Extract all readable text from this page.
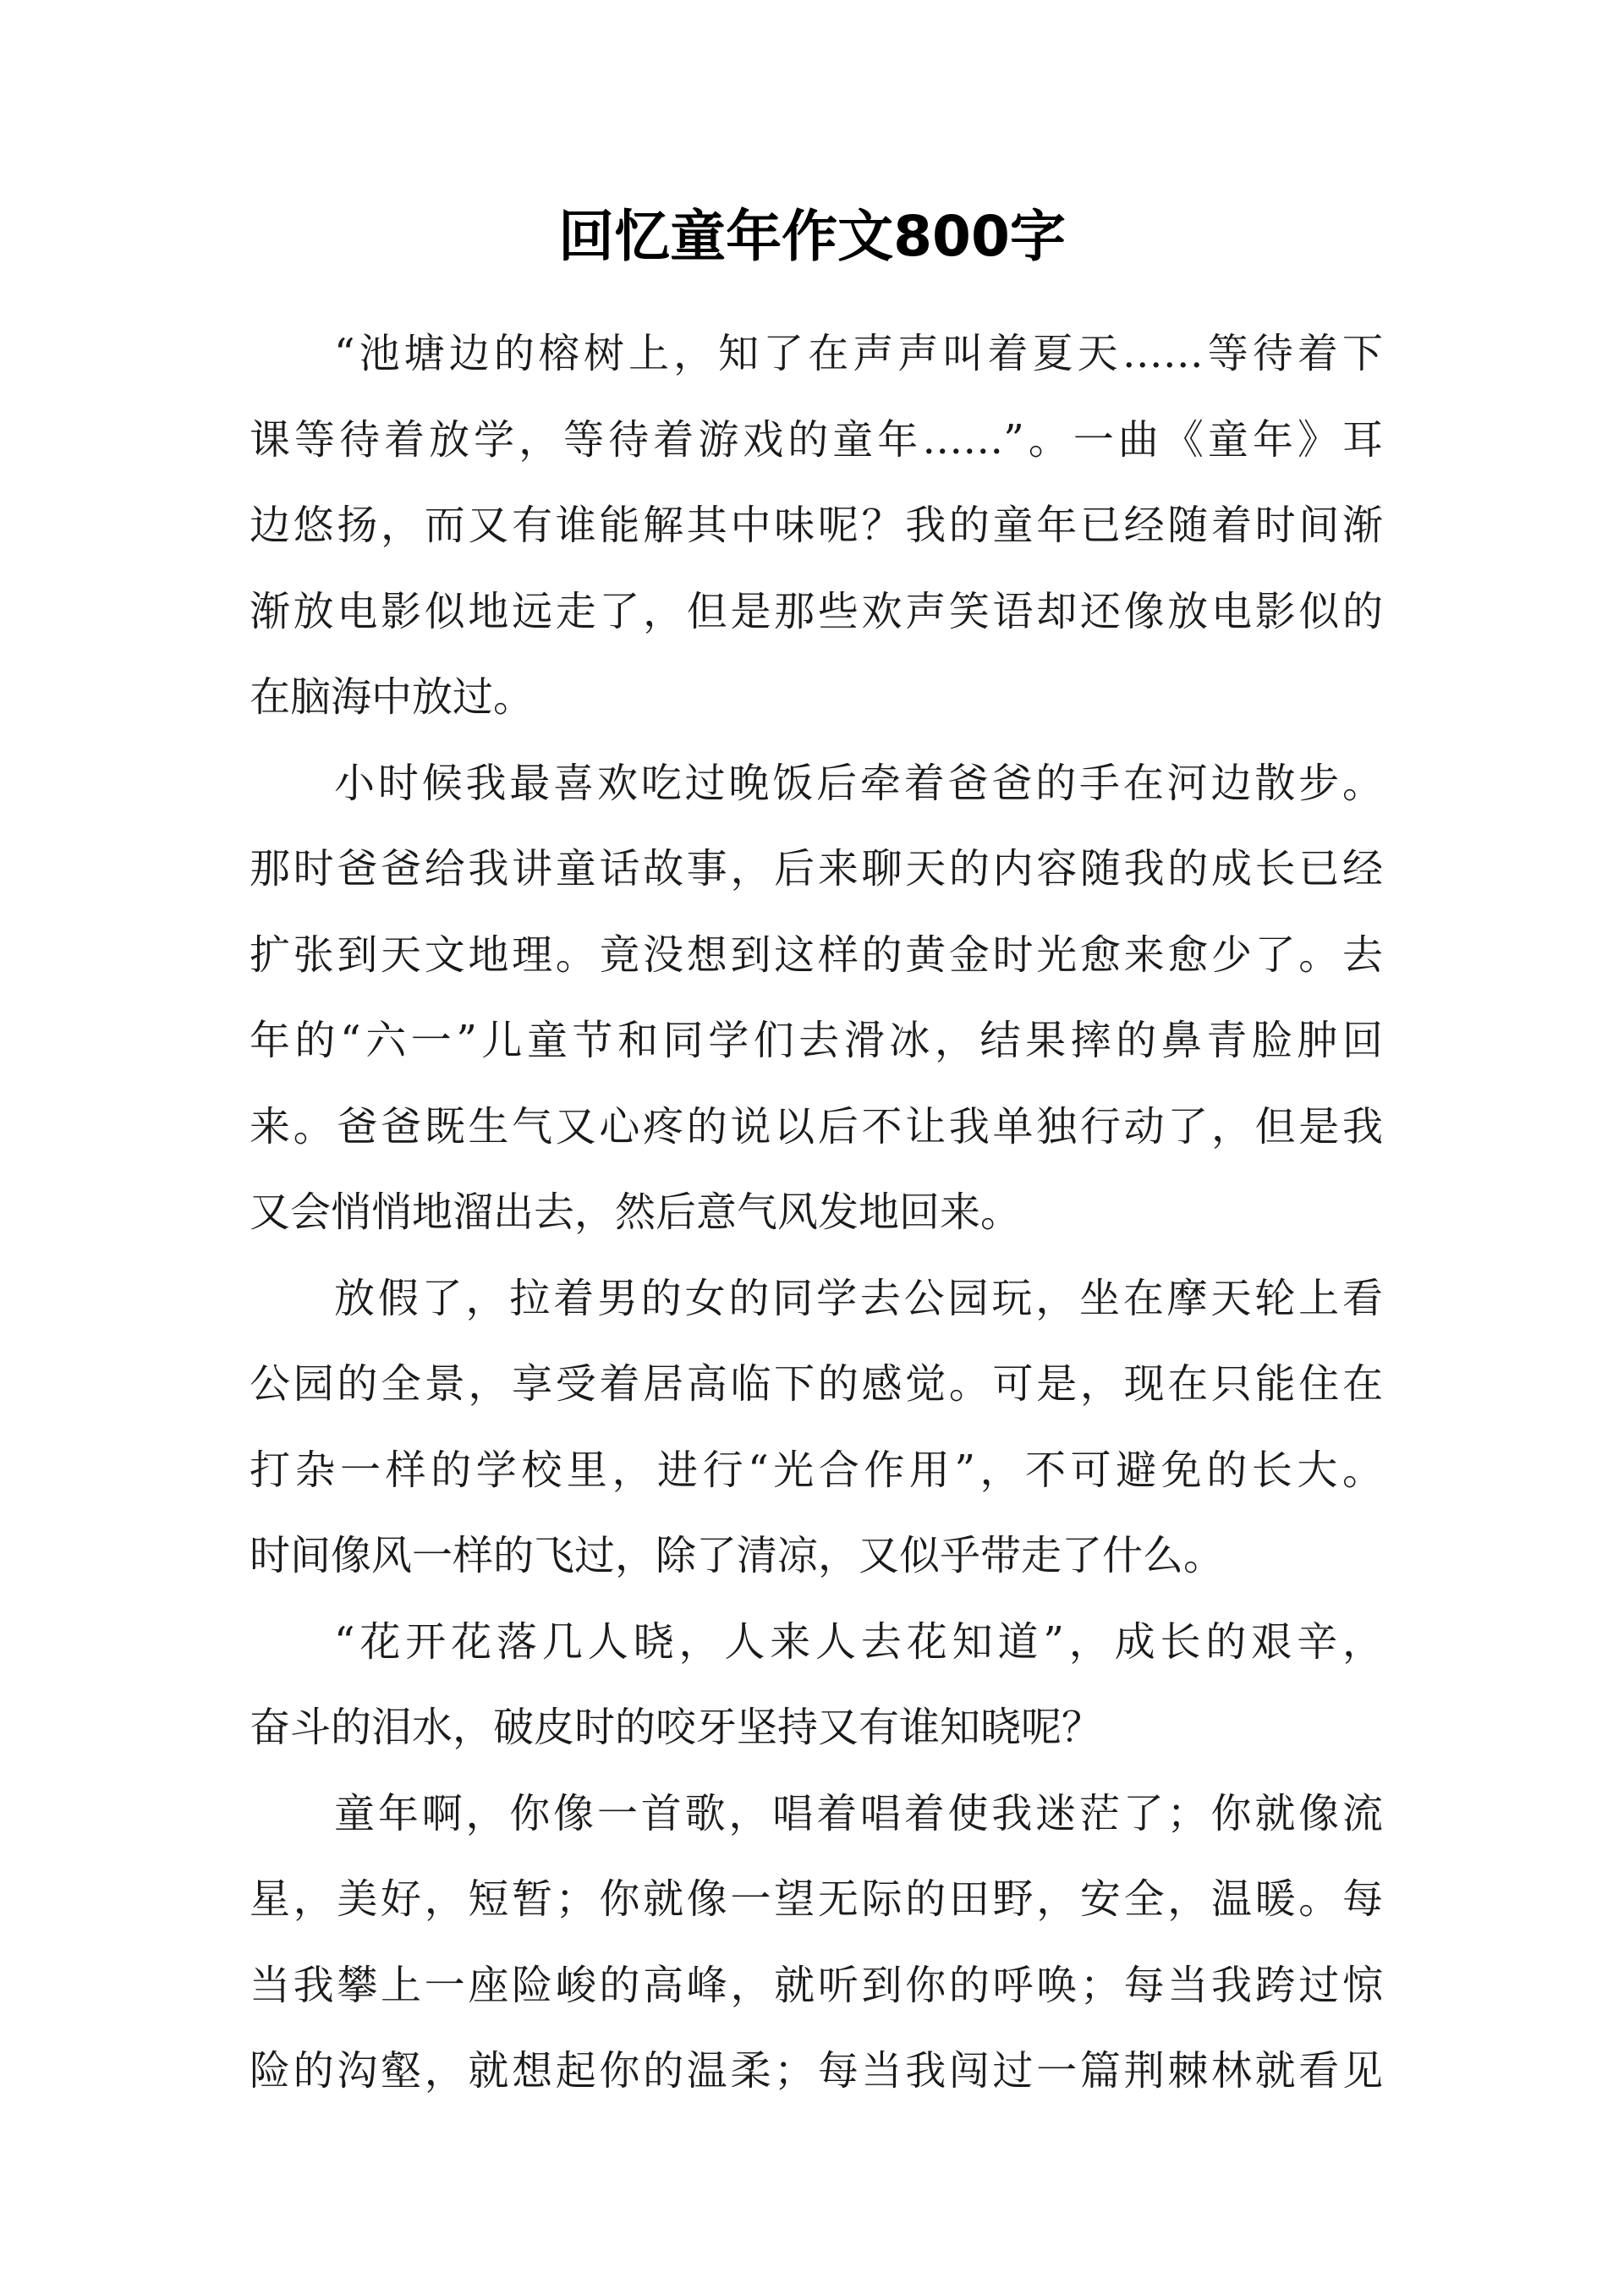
回忆童年作文800字

“池塘边的榕树上，知了在声声叫着夏天……等待着下
课等待着放学，等待着游戏的童年……”。一曲《童年》耳
边悠扬，而又有谁能解其中味呢？我的童年已经随着时间渐
渐放电影似地远走了，但是那些欢声笑语却还像放电影似的
在脑海中放过。

小时候我最喜欢吃过晚饭后牵着爸爸的手在河边散步。
那时爸爸给我讲童话故事，后来聊天的内容随我的成长已经
扩张到天文地理。竟没想到这样的黄金时光愈来愈少了。去
年的“六一”儿童节和同学们去滑冰，结果摔的鼻青脸肿回
来。爸爸既生气又心疼的说以后不让我单独行动了，但是我
又会悄悄地溜出去，然后意气风发地回来。

放假了，拉着男的女的同学去公园玩，坐在摩天轮上看
公园的全景，享受着居高临下的感觉。可是，现在只能住在
打杂一样的学校里，进行“光合作用”，不可避免的长大。
时间像风一样的飞过，除了清凉，又似乎带走了什么。

“花开花落几人晓，人来人去花知道”，成长的艰辛，
奋斗的泪水，破皮时的咬牙坚持又有谁知晓呢？

童年啊，你像一首歌，唱着唱着使我迷茫了；你就像流
星，美好，短暂；你就像一望无际的田野，安全，温暖。每
当我攀上一座险峻的高峰，就听到你的呼唤；每当我跨过惊
险的沟壑，就想起你的温柔；每当我闯过一篇荆棘林就看见
